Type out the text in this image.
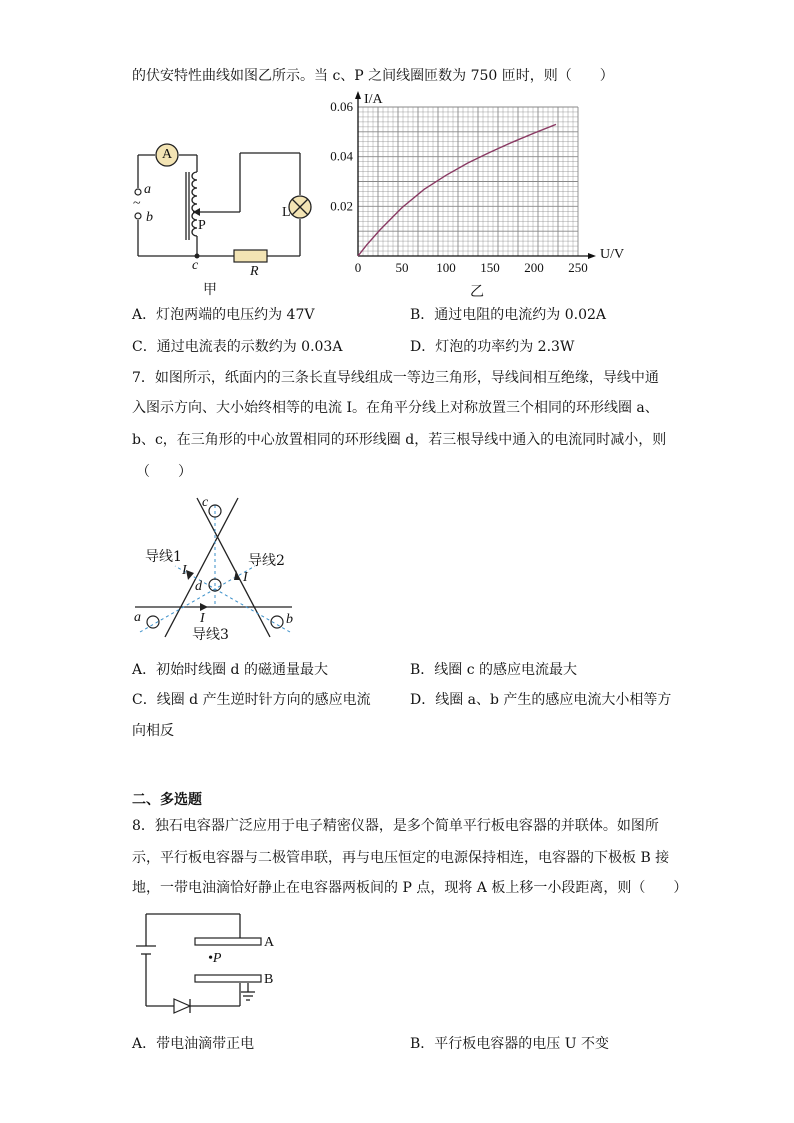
的伏安特性曲线如图乙所示。当 c、P 之间线圈匝数为 750 匝时，则（　　）
A
a
~
b
P
c	R
L
甲
0	50 100 150 200 250
0.02
0.04
0.06
U/V
I/A
乙
A．灯泡两端的电压约为 47V	B．通过电阻的电流约为 0.02A
C．通过电流表的示数约为 0.03A	D．灯泡的功率约为 2.3W
7．如图所示，纸面内的三条长直导线组成一等边三角形，导线间相互绝缘，导线中通
入图示方向、大小始终相等的电流 I。在角平分线上对称放置三个相同的环形线圈 a、
b、c，在三角形的中心放置相同的环形线圈 d，若三根导线中通入的电流同时减小，则
（　　）
c
d
a	b
导线1	导线2
导线3
I	I
I
A．初始时线圈 d 的磁通量最大	B．线圈 c 的感应电流最大
C．线圈 d 产生逆时针方向的感应电流	D．线圈 a、b 产生的感应电流大小相等方
向相反
二、多选题
8．独石电容器广泛应用于电子精密仪器，是多个简单平行板电容器的并联体。如图所
示，平行板电容器与二极管串联，再与电压恒定的电源保持相连，电容器的下极板 B 接
地，一带电油滴恰好静止在电容器两板间的 P 点，现将 A 板上移一小段距离，则（　　）
A
B
•P
A．带电油滴带正电	B．平行板电容器的电压 U 不变
